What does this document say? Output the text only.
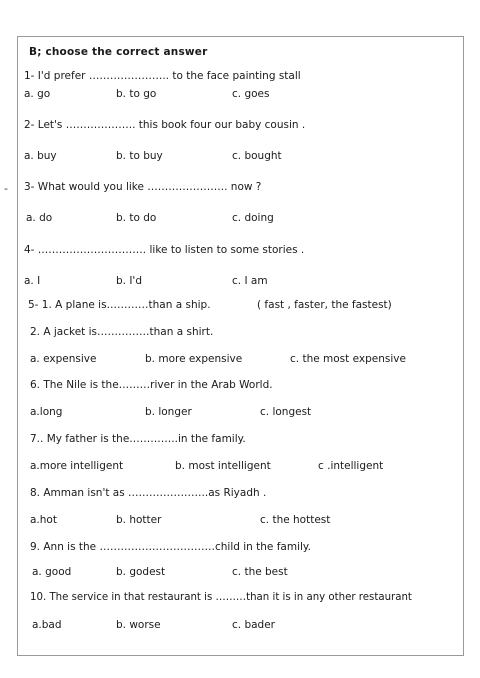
-
B; choose the correct answer
1- I'd prefer ………………….. to the face painting stall
a. go	b. to go	c. goes
2- Let's ……………….. this book four our baby cousin .
a. buy	b. to buy	c. bought
3- What would you like ………………….. now ?
a. do	b. to do	c. doing
4- …………………………. like to listen to some stories .
a. I	b. I'd	c. I am
5- 1. A plane is…………than a ship.	( fast , faster, the fastest)
2. A jacket is……………than a shirt.
a. expensive	b. more expensive	c. the most expensive
6. The Nile is the………river in the Arab World.
a.long	b. longer	c. longest
7.. My father is the…………..in the family.
a.more intelligent	b. most intelligent	c .intelligent
8. Amman isn't as …………………..as Riyadh .
a.hot	b. hotter	c. the hottest
9. Ann is the ……………………………child in the family.
a. good	b. godest	c. the best
10. The service in that restaurant is ………than it is in any other restaurant
a.bad	b. worse	c. bader
